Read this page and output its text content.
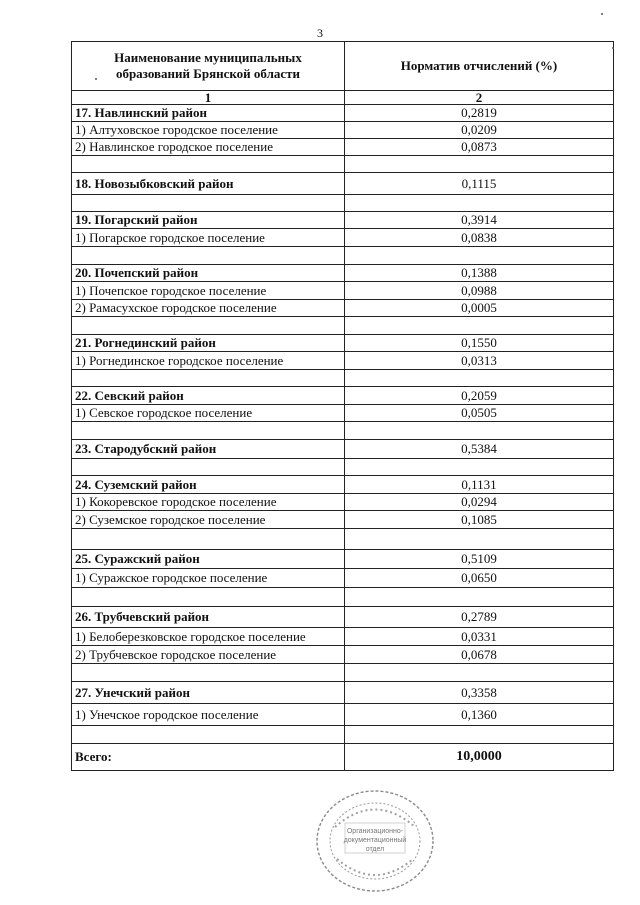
3
Наименование муниципальных образований Брянской области	Норматив отчислений (%)
1	2
17. Навлинский район	0,2819
1) Алтуховское городское поселение	0,0209
2) Навлинское городское поселение	0,0873

18. Новозыбковский район	0,1115

19. Погарский район	0,3914
1) Погарское городское поселение	0,0838

20. Почепский район	0,1388
1) Почепское городское поселение	0,0988
2) Рамасухское городское поселение	0,0005

21. Рогнединский район	0,1550
1) Рогнединское городское поселение	0,0313

22. Севский район	0,2059
1) Севское городское поселение	0,0505

23. Стародубский район	0,5384

24. Суземский район	0,1131
1) Кокоревское городское поселение	0,0294
2) Суземское городское поселение	0,1085

25. Суражский район	0,5109
1) Суражское городское поселение	0,0650

26. Трубчевский район	0,2789
1) Белоберезковское городское поселение	0,0331
2) Трубчевское городское поселение	0,0678

27. Унечский район	0,3358
1) Унечское городское поселение	0,1360

Всего:	10,0000
Организационно-
документационный
отдел
